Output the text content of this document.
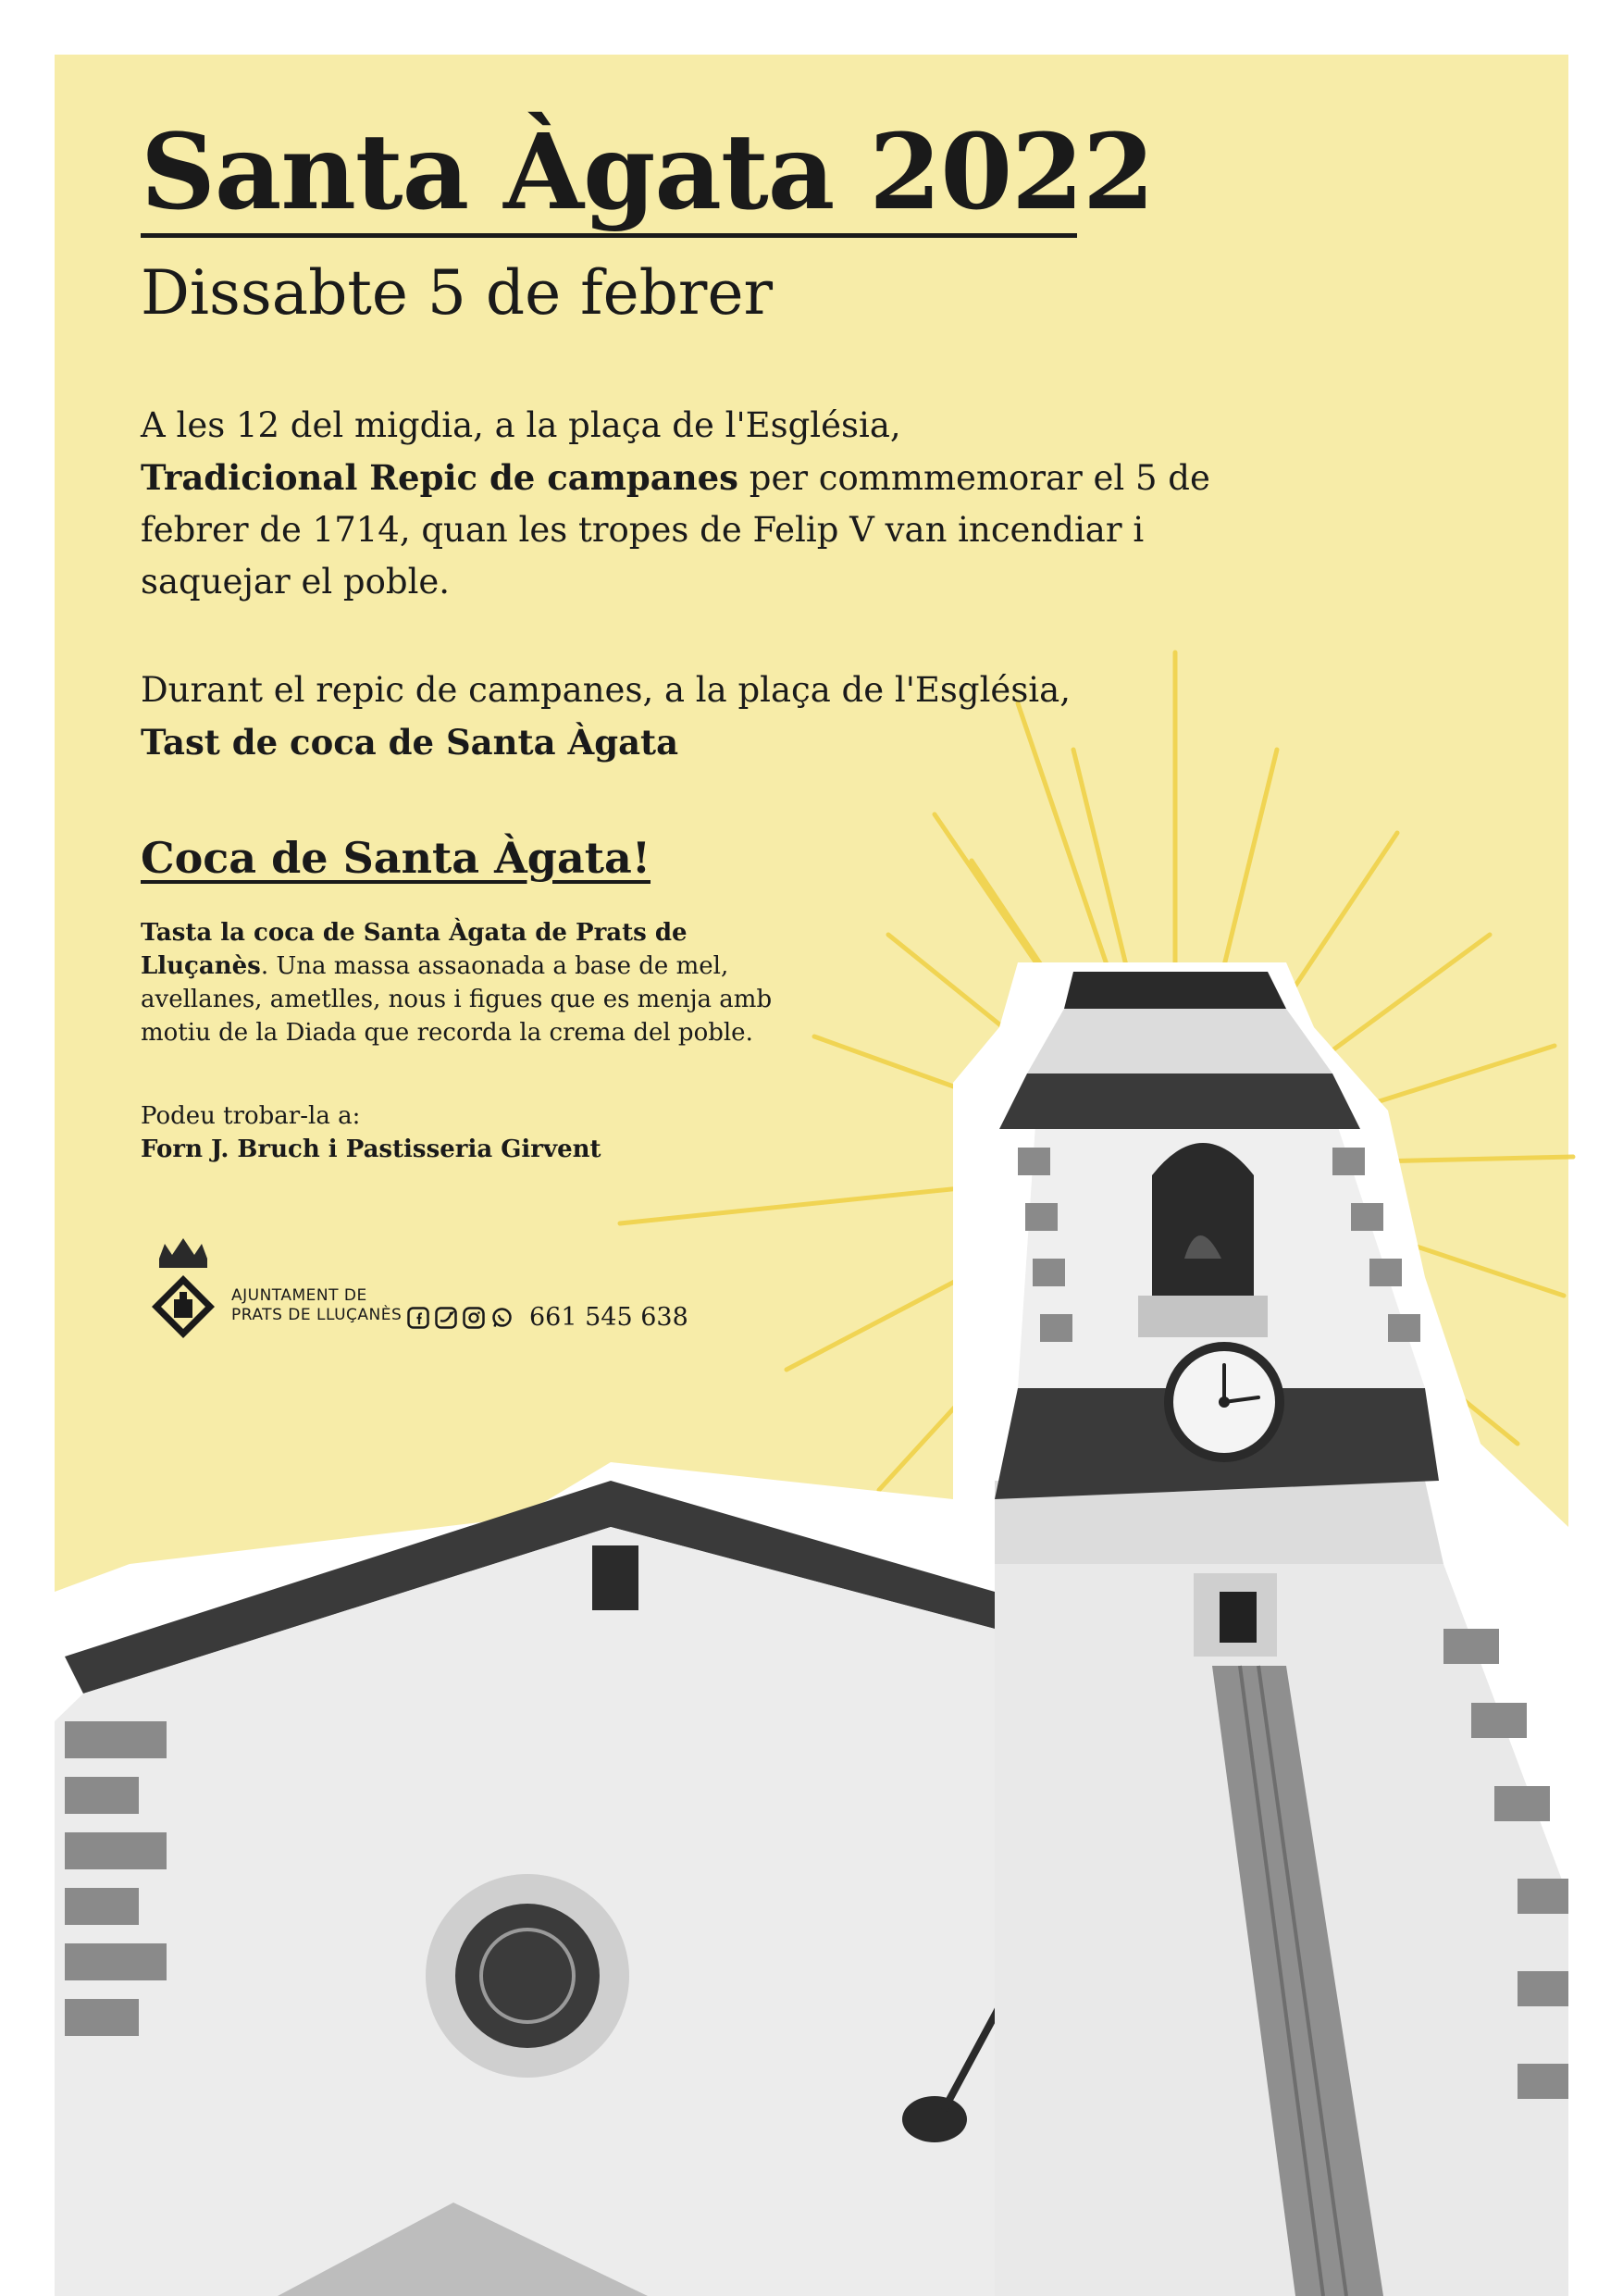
Santa Àgata 2022
Dissabte 5 de febrer

A les 12 del migdia, a la plaça de l'Església,
Tradicional Repic de campanes per commmemorar el 5 de febrer de 1714, quan les tropes de Felip V van incendiar i saquejar el poble.

Durant el repic de campanes, a la plaça de l'Església,
Tast de coca de Santa Àgata

Coca de Santa Àgata!

Tasta la coca de Santa Àgata de Prats de Lluçanès. Una massa assaonada a base de mel, avellanes, ametlles, nous i figues que es menja amb motiu de la Diada que recorda la crema del poble.

Podeu trobar-la a:
Forn J. Bruch i Pastisseria Girvent

AJUNTAMENT DE
PRATS DE LLUÇANÈS	661 545 638
